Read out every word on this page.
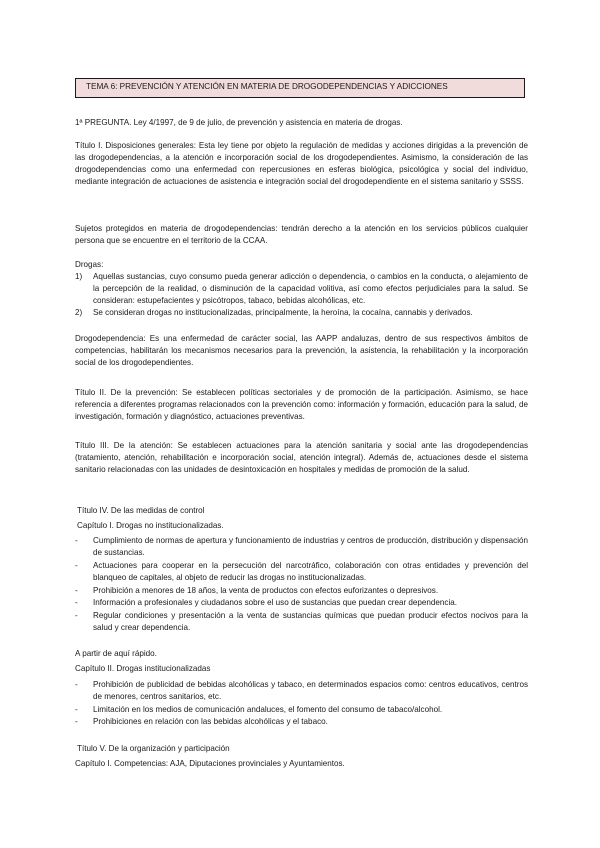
TEMA 6: PREVENCIÓN Y ATENCIÓN EN MATERIA DE DROGODEPENDENCIAS Y ADICCIONES
1ª PREGUNTA. Ley 4/1997, de 9 de julio, de prevención y asistencia en materia de drogas.
Título I. Disposiciones generales: Esta ley tiene por objeto la regulación de medidas y acciones dirigidas a la prevención de las drogodependencias, a la atención e incorporación social de los drogodependientes. Asimismo, la consideración de las drogodependencias como una enfermedad con repercusiones en esferas biológica, psicológica y social del individuo, mediante integración de actuaciones de asistencia e integración social del drogodependiente en el sistema sanitario y SSSS.
Sujetos protegidos en materia de drogodependencias: tendrán derecho a la atención en los servicios públicos cualquier persona que se encuentre en el territorio de la CCAA.
Drogas:
1) Aquellas sustancias, cuyo consumo pueda generar adicción o dependencia, o cambios en la conducta, o alejamiento de la percepción de la realidad, o disminución de la capacidad volitiva, así como efectos perjudiciales para la salud. Se consideran: estupefacientes y psicótropos, tabaco, bebidas alcohólicas, etc.
2) Se consideran drogas no institucionalizadas, principalmente, la heroína, la cocaína, cannabis y derivados.
Drogodependencia: Es una enfermedad de carácter social, las AAPP andaluzas, dentro de sus respectivos ámbitos de competencias, habilitarán los mecanismos necesarios para la prevención, la asistencia, la rehabilitación y la incorporación social de los drogodependientes.
Título II. De la prevención: Se establecen políticas sectoriales y de promoción de la participación. Asimismo, se hace referencia a diferentes programas relacionados con la prevención como: información y formación, educación para la salud, de investigación, formación y diagnóstico, actuaciones preventivas.
Título III. De la atención: Se establecen actuaciones para la atención sanitaria y social ante las drogodependencias (tratamiento, atención, rehabilitación e incorporación social, atención integral). Además de, actuaciones desde el sistema sanitario relacionadas con las unidades de desintoxicación en hospitales y medidas de promoción de la salud.
Título IV. De las medidas de control
Capítulo I. Drogas no institucionalizadas.
- Cumplimiento de normas de apertura y funcionamiento de industrias y centros de producción, distribución y dispensación de sustancias.
- Actuaciones para cooperar en la persecución del narcotráfico, colaboración con otras entidades y prevención del blanqueo de capitales, al objeto de reducir las drogas no institucionalizadas.
- Prohibición a menores de 18 años, la venta de productos con efectos euforizantes o depresivos.
- Información a profesionales y ciudadanos sobre el uso de sustancias que puedan crear dependencia.
- Regular condiciones y presentación a la venta de sustancias químicas que puedan producir efectos nocivos para la salud y crear dependencia.
A partir de aquí rápido.
Capítulo II. Drogas institucionalizadas
- Prohibición de publicidad de bebidas alcohólicas y tabaco, en determinados espacios como: centros educativos, centros de menores, centros sanitarios, etc.
- Limitación en los medios de comunicación andaluces, el fomento del consumo de tabaco/alcohol.
- Prohibiciones en relación con las bebidas alcohólicas y el tabaco.
Título V. De la organización y participación
Capítulo I. Competencias: AJA, Diputaciones provinciales y Ayuntamientos.
